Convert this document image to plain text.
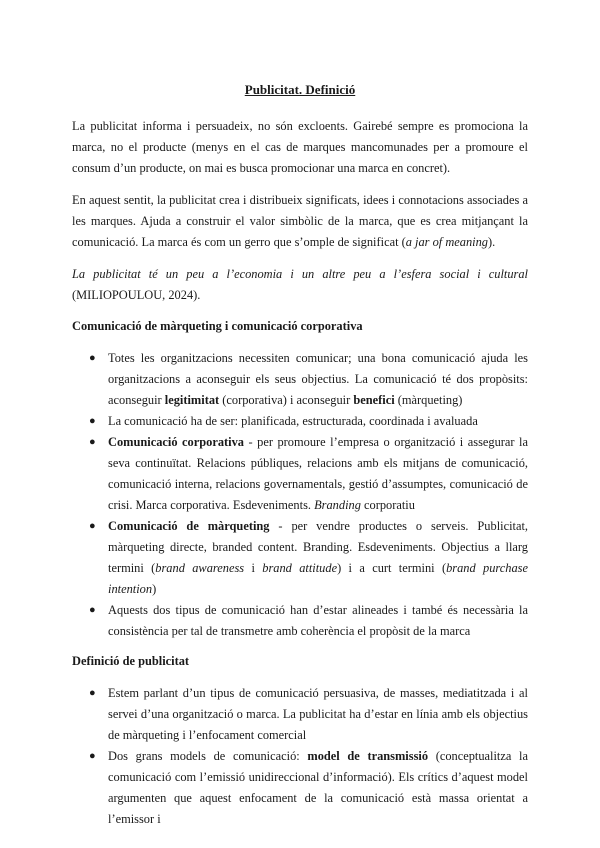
Publicitat. Definició

La publicitat informa i persuadeix, no són excloents. Gairebé sempre es promociona la marca, no el producte (menys en el cas de marques mancomunades per a promoure el consum d’un producte, on mai es busca promocionar una marca en concret).

En aquest sentit, la publicitat crea i distribueix significats, idees i connotacions associades a les marques. Ajuda a construir el valor simbòlic de la marca, que es crea mitjançant la comunicació. La marca és com un gerro que s’omple de significat (a jar of meaning).

La publicitat té un peu a l’economia i un altre peu a l’esfera social i cultural (MILIOPOULOU, 2024).

Comunicació de màrqueting i comunicació corporativa
● Totes les organitzacions necessiten comunicar; una bona comunicació ajuda les organitzacions a aconseguir els seus objectius. La comunicació té dos propòsits: aconseguir legitimitat (corporativa) i aconseguir benefici (màrqueting)
● La comunicació ha de ser: planificada, estructurada, coordinada i avaluada
● Comunicació corporativa - per promoure l’empresa o organització i assegurar la seva continuïtat. Relacions públiques, relacions amb els mitjans de comunicació, comunicació interna, relacions governamentals, gestió d’assumptes, comunicació de crisi. Marca corporativa. Esdeveniments. Branding corporatiu
● Comunicació de màrqueting - per vendre productes o serveis. Publicitat, màrqueting directe, branded content. Branding. Esdeveniments. Objectius a llarg termini (brand awareness i brand attitude) i a curt termini (brand purchase intention)
● Aquests dos tipus de comunicació han d’estar alineades i també és necessària la consistència per tal de transmetre amb coherència el propòsit de la marca
Definició de publicitat
● Estem parlant d’un tipus de comunicació persuasiva, de masses, mediatitzada i al servei d’una organització o marca. La publicitat ha d’estar en línia amb els objectius de màrqueting i l’enfocament comercial
● Dos grans models de comunicació: model de transmissió (conceptualitza la comunicació com l’emissió unidireccional d’informació). Els crítics d’aquest model argumenten que aquest enfocament de la comunicació està massa orientat a l’emissor i
